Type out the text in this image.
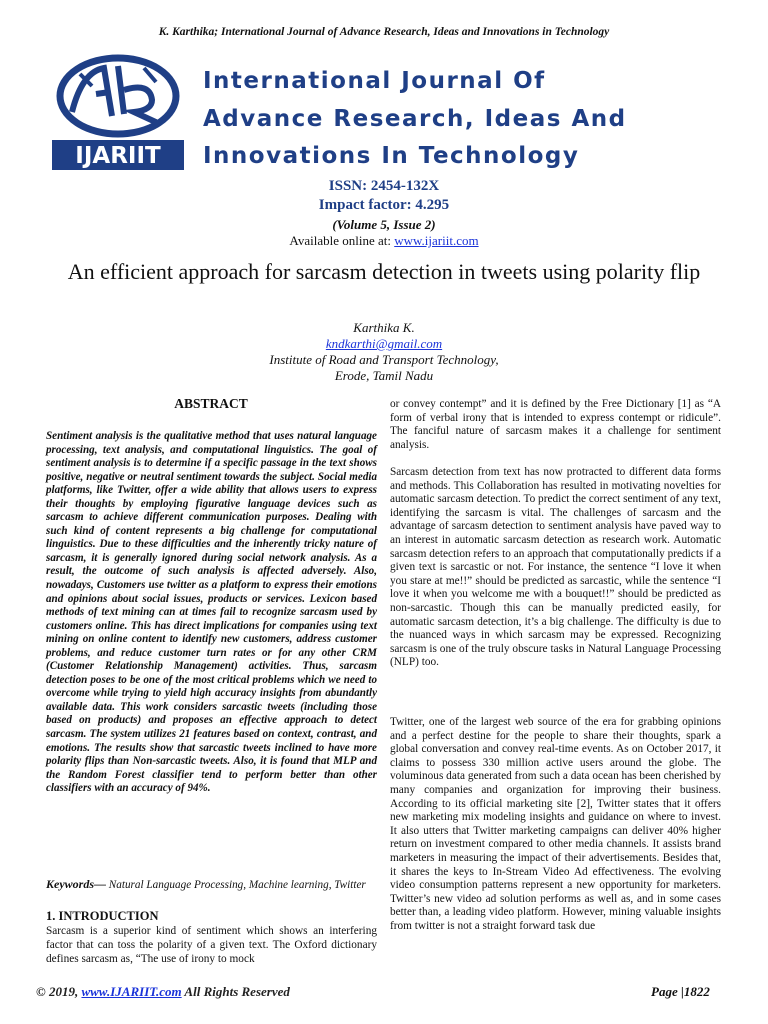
K. Karthika; International Journal of Advance Research, Ideas and Innovations in Technology
IJARIIT
International Journal Of
Advance Research, Ideas And
Innovations In Technology
ISSN: 2454-132X
Impact factor: 4.295
(Volume 5, Issue 2)
Available online at: www.ijariit.com
An efficient approach for sarcasm detection in tweets using polarity flip
Karthika K.
kndkarthi@gmail.com
Institute of Road and Transport Technology,
Erode, Tamil Nadu
ABSTRACT
Sentiment analysis is the qualitative method that uses natural language processing, text analysis, and computational linguistics. The goal of sentiment analysis is to determine if a specific passage in the text shows positive, negative or neutral sentiment towards the subject. Social media platforms, like Twitter, offer a wide ability that allows users to express their thoughts by employing figurative language devices such as sarcasm to achieve different communication purposes. Dealing with such kind of content represents a big challenge for computational linguistics. Due to these difficulties and the inherently tricky nature of sarcasm, it is generally ignored during social network analysis. As a result, the outcome of such analysis is affected adversely. Also, nowadays, Customers use twitter as a platform to express their emotions and opinions about social issues, products or services. Lexicon based methods of text mining can at times fail to recognize sarcasm used by customers online. This has direct implications for companies using text mining on online content to identify new customers, address customer problems, and reduce customer turn rates or for any other CRM (Customer Relationship Management) activities. Thus, sarcasm detection poses to be one of the most critical problems which we need to overcome while trying to yield high accuracy insights from abundantly available data. This work considers sarcastic tweets (including those based on products) and proposes an effective approach to detect sarcasm. The system utilizes 21 features based on context, contrast, and emotions. The results show that sarcastic tweets inclined to have more polarity flips than Non-sarcastic tweets. Also, it is found that MLP and the Random Forest classifier tend to perform better than other classifiers with an accuracy of 94%.
Keywords— Natural Language Processing, Machine learning, Twitter
1. INTRODUCTION
Sarcasm is a superior kind of sentiment which shows an interfering factor that can toss the polarity of a given text. The Oxford dictionary defines sarcasm as, “The use of irony to mock
or convey contempt” and it is defined by the Free Dictionary [1] as “A form of verbal irony that is intended to express contempt or ridicule”. The fanciful nature of sarcasm makes it a challenge for sentiment analysis.
Sarcasm detection from text has now protracted to different data forms and methods. This Collaboration has resulted in motivating novelties for automatic sarcasm detection. To predict the correct sentiment of any text, identifying the sarcasm is vital. The challenges of sarcasm and the advantage of sarcasm detection to sentiment analysis have paved way to an interest in automatic sarcasm detection as research work. Automatic sarcasm detection refers to an approach that computationally predicts if a given text is sarcastic or not. For instance, the sentence “I love it when you stare at me!!” should be predicted as sarcastic, while the sentence “I love it when you welcome me with a bouquet!!” should be predicted as non-sarcastic. Though this can be manually predicted easily, for automatic sarcasm detection, it’s a big challenge. The difficulty is due to the nuanced ways in which sarcasm may be expressed. Recognizing sarcasm is one of the truly obscure tasks in Natural Language Processing (NLP) too.
Twitter, one of the largest web source of the era for grabbing opinions and a perfect destine for the people to share their thoughts, spark a global conversation and convey real-time events. As on October 2017, it claims to possess 330 million active users around the globe. The voluminous data generated from such a data ocean has been cherished by many companies and organization for improving their business. According to its official marketing site [2], Twitter states that it offers new marketing mix modeling insights and guidance on where to invest. It also utters that Twitter marketing campaigns can deliver 40% higher return on investment compared to other media channels. It assists brand marketers in measuring the impact of their advertisements. Besides that, it shares the keys to In-Stream Video Ad effectiveness. The evolving video consumption patterns represent a new opportunity for marketers. Twitter’s new video ad solution performs as well as, and in some cases better than, a leading video platform. However, mining valuable insights from twitter is not a straight forward task due
© 2019, www.IJARIIT.com All Rights Reserved	Page |1822
